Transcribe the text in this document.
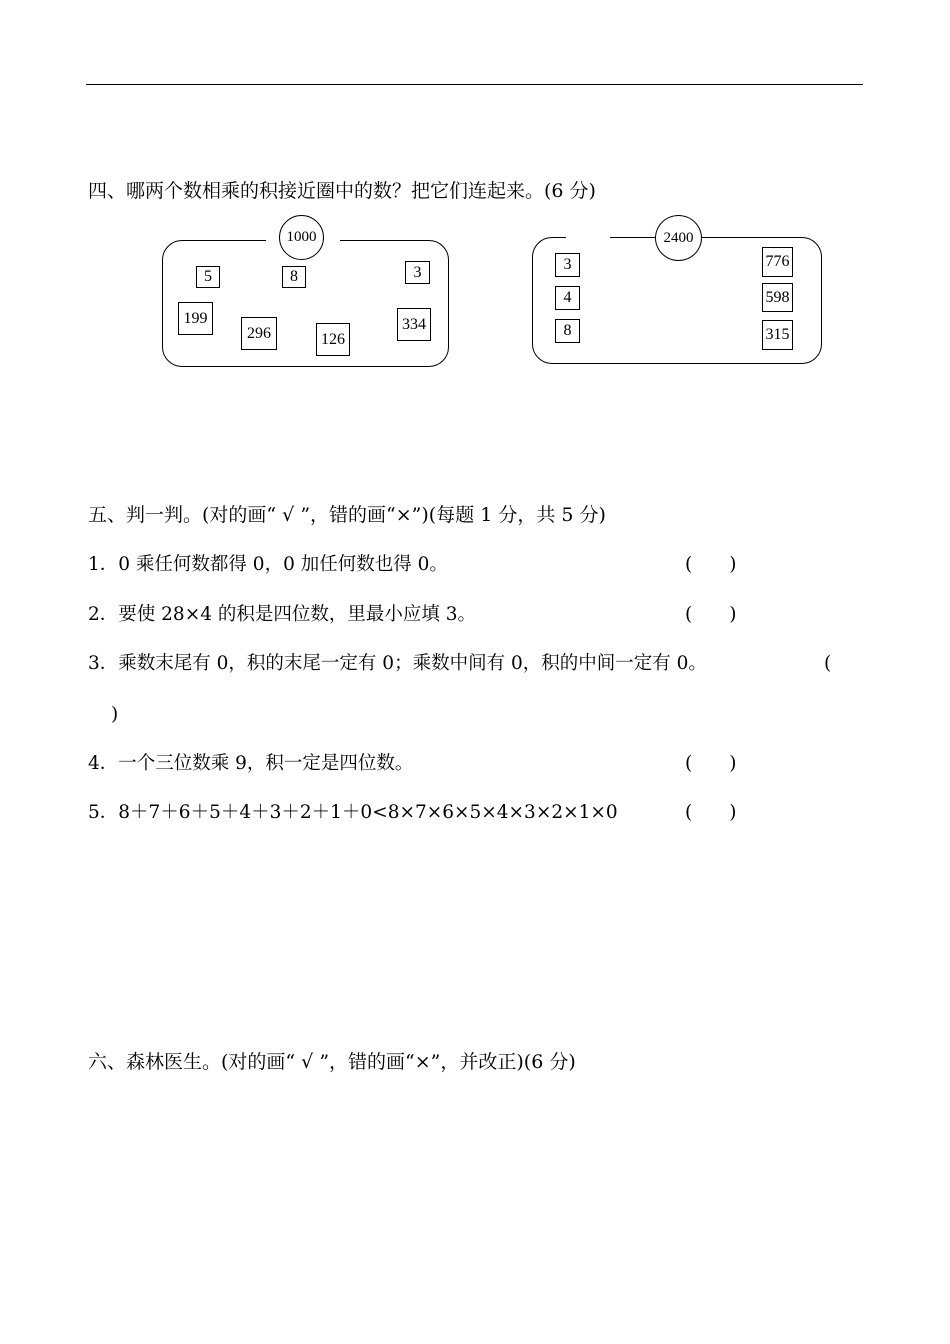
四、哪两个数相乘的积接近圈中的数？把它们连起来。(6 分)
1000
5	8	3
199
296	126
334
2400
3
4
8
776
598
315
五、判一判。(对的画“ √ ”，错的画“×”)(每题 1 分，共 5 分)
1．0 乘任何数都得 0，0 加任何数也得 0。	(　　)
2．要使 28×4 的积是四位数，里最小应填 3。	(　　)
3．乘数末尾有 0，积的末尾一定有 0；乘数中间有 0，积的中间一定有 0。	(
)
4．一个三位数乘 9，积一定是四位数。	(　　)
5．8＋7＋6＋5＋4＋3＋2＋1＋0<8×7×6×5×4×3×2×1×0	(　　)
六、森林医生。(对的画“ √ ”，错的画“×”，并改正)(6 分)
